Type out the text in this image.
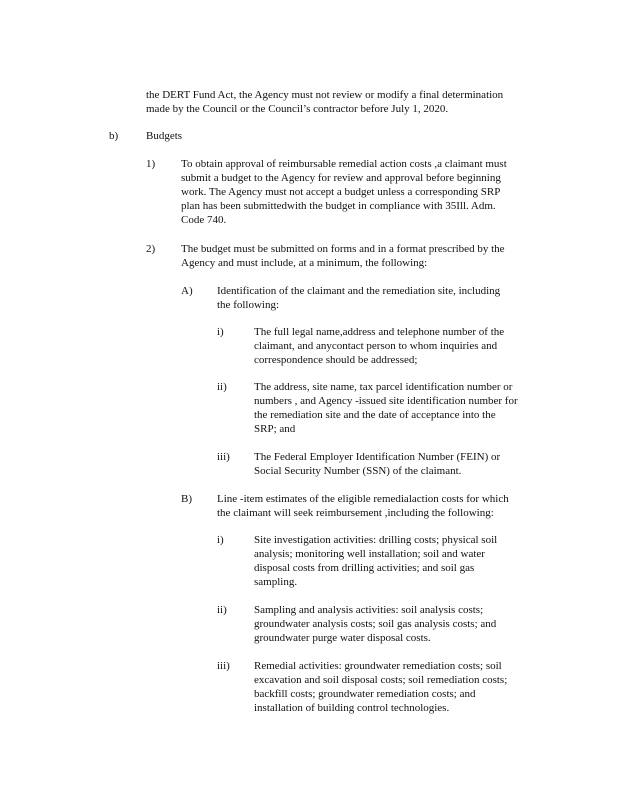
the DERT Fund Act, the Agency must not review or modify a final determination
made by the Council or the Council’s contractor before July 1, 2020.
b)	Budgets
1) To obtain approval of reimbursable remedial action costs ,a claimant must
submit a budget to the Agency for review and approval before beginning
work. The Agency must not accept a budget unless a corresponding SRP
plan has been submittedwith the budget in compliance with 35Ill. Adm.
Code 740.
2) The budget must be submitted on forms and in a format prescribed by the
Agency and must include, at a minimum, the following:
A) Identification of the claimant and the remediation site, including
the following:
i)	The full legal name,address and telephone number of the
claimant, and anycontact person to whom inquiries and
correspondence should be addressed;
ii) The address, site name, tax parcel identification number or
numbers , and Agency -issued site identification number for
the remediation site and the date of acceptance into the
SRP; and
iii) The Federal Employer Identification Number (FEIN) or
Social Security Number (SSN) of the claimant.
B) Line -item estimates of the eligible remedialaction costs for which
the claimant will seek reimbursement ,including the following:
i)	Site investigation activities: drilling costs; physical soil
analysis; monitoring well installation; soil and water
disposal costs from drilling activities; and soil gas
sampling.
ii) Sampling and analysis activities: soil analysis costs;
groundwater analysis costs; soil gas analysis costs; and
groundwater purge water disposal costs.
iii) Remedial activities: groundwater remediation costs; soil
excavation and soil disposal costs; soil remediation costs;
backfill costs; groundwater remediation costs; and
installation of building control technologies.
